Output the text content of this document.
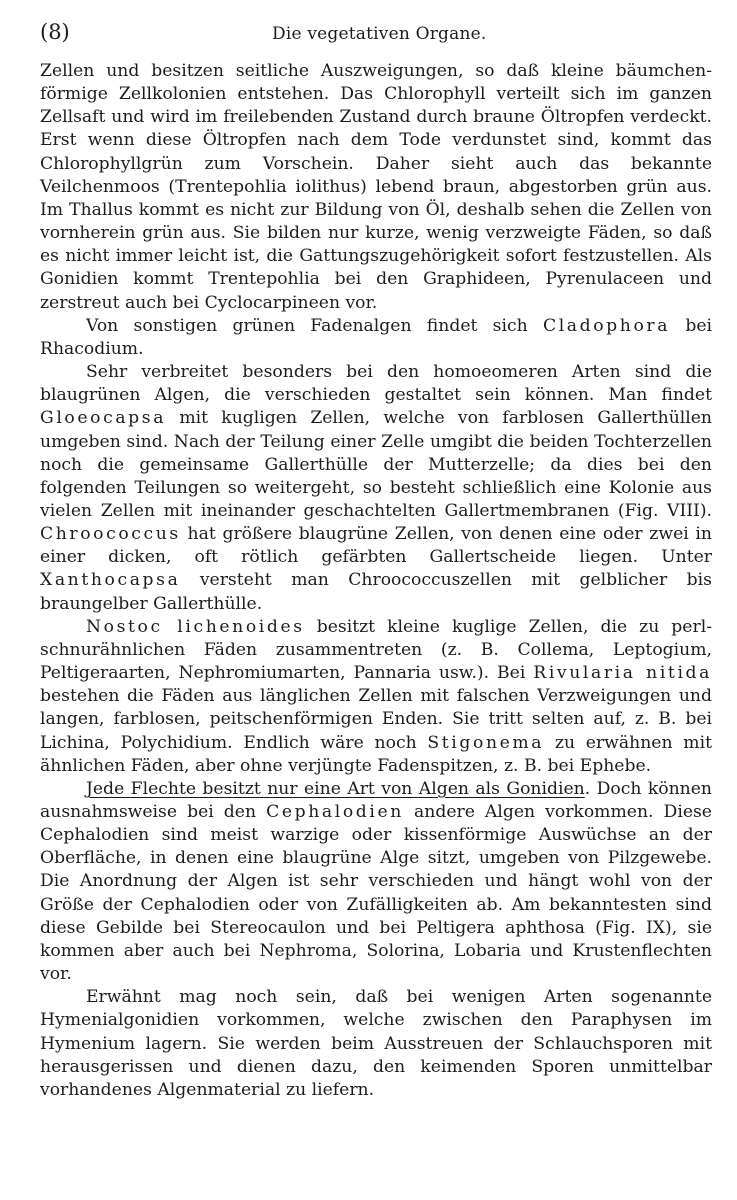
(8)	Die vegetativen Organe.

Zellen und besitzen seitliche Auszweigungen, so daß kleine bäumchenförmige Zellkolonien entstehen. Das Chlorophyll verteilt sich im ganzen Zellsaft und wird im freilebenden Zustand durch braune Öltropfen verdeckt. Erst wenn diese Öltropfen nach dem Tode verdunstet sind, kommt das Chlorophyllgrün zum Vorschein. Daher sieht auch das bekannte Veilchenmoos (Trentepohlia iolithus) lebend braun, abgestorben grün aus. Im Thallus kommt es nicht zur Bildung von Öl, deshalb sehen die Zellen von vornherein grün aus. Sie bilden nur kurze, wenig verzweigte Fäden, so daß es nicht immer leicht ist, die Gattungszugehörigkeit sofort festzustellen. Als Gonidien kommt Trentepohlia bei den Graphideen, Pyrenulaceen und zerstreut auch bei Cyclocarpineen vor.

Von sonstigen grünen Fadenalgen findet sich Cladophora bei Rhacodium.

Sehr verbreitet besonders bei den homoeomeren Arten sind die blaugrünen Algen, die verschieden gestaltet sein können. Man findet Gloeocapsa mit kugligen Zellen, welche von farblosen Gallerthüllen umgeben sind. Nach der Teilung einer Zelle umgibt die beiden Tochterzellen noch die gemeinsame Gallerthülle der Mutterzelle; da dies bei den folgenden Teilungen so weitergeht, so besteht schließlich eine Kolonie aus vielen Zellen mit ineinander geschachtelten Gallertmembranen (Fig. VIII). Chroococcus hat größere blaugrüne Zellen, von denen eine oder zwei in einer dicken, oft rötlich gefärbten Gallertscheide liegen. Unter Xanthocapsa versteht man Chroococcuszellen mit gelblicher bis braungelber Gallerthülle.

Nostoc lichenoides besitzt kleine kuglige Zellen, die zu perlschnurähnlichen Fäden zusammentreten (z. B. Collema, Leptogium, Peltigeraarten, Nephromiumarten, Pannaria usw.). Bei Rivularia nitida bestehen die Fäden aus länglichen Zellen mit falschen Verzweigungen und langen, farblosen, peitschenförmigen Enden. Sie tritt selten auf, z. B. bei Lichina, Polychidium. Endlich wäre noch Stigonema zu erwähnen mit ähnlichen Fäden, aber ohne verjüngte Fadenspitzen, z. B. bei Ephebe.

Jede Flechte besitzt nur eine Art von Algen als Gonidien. Doch können ausnahmsweise bei den Cephalodien andere Algen vorkommen. Diese Cephalodien sind meist warzige oder kissenförmige Auswüchse an der Oberfläche, in denen eine blaugrüne Alge sitzt, umgeben von Pilzgewebe. Die Anordnung der Algen ist sehr verschieden und hängt wohl von der Größe der Cephalodien oder von Zufälligkeiten ab. Am bekanntesten sind diese Gebilde bei Stereocaulon und bei Peltigera aphthosa (Fig. IX), sie kommen aber auch bei Nephroma, Solorina, Lobaria und Krustenflechten vor.

Erwähnt mag noch sein, daß bei wenigen Arten sogenannte Hymenialgonidien vorkommen, welche zwischen den Paraphysen im Hymenium lagern. Sie werden beim Ausstreuen der Schlauchsporen mit herausgerissen und dienen dazu, den keimenden Sporen unmittelbar vorhandenes Algenmaterial zu liefern.
